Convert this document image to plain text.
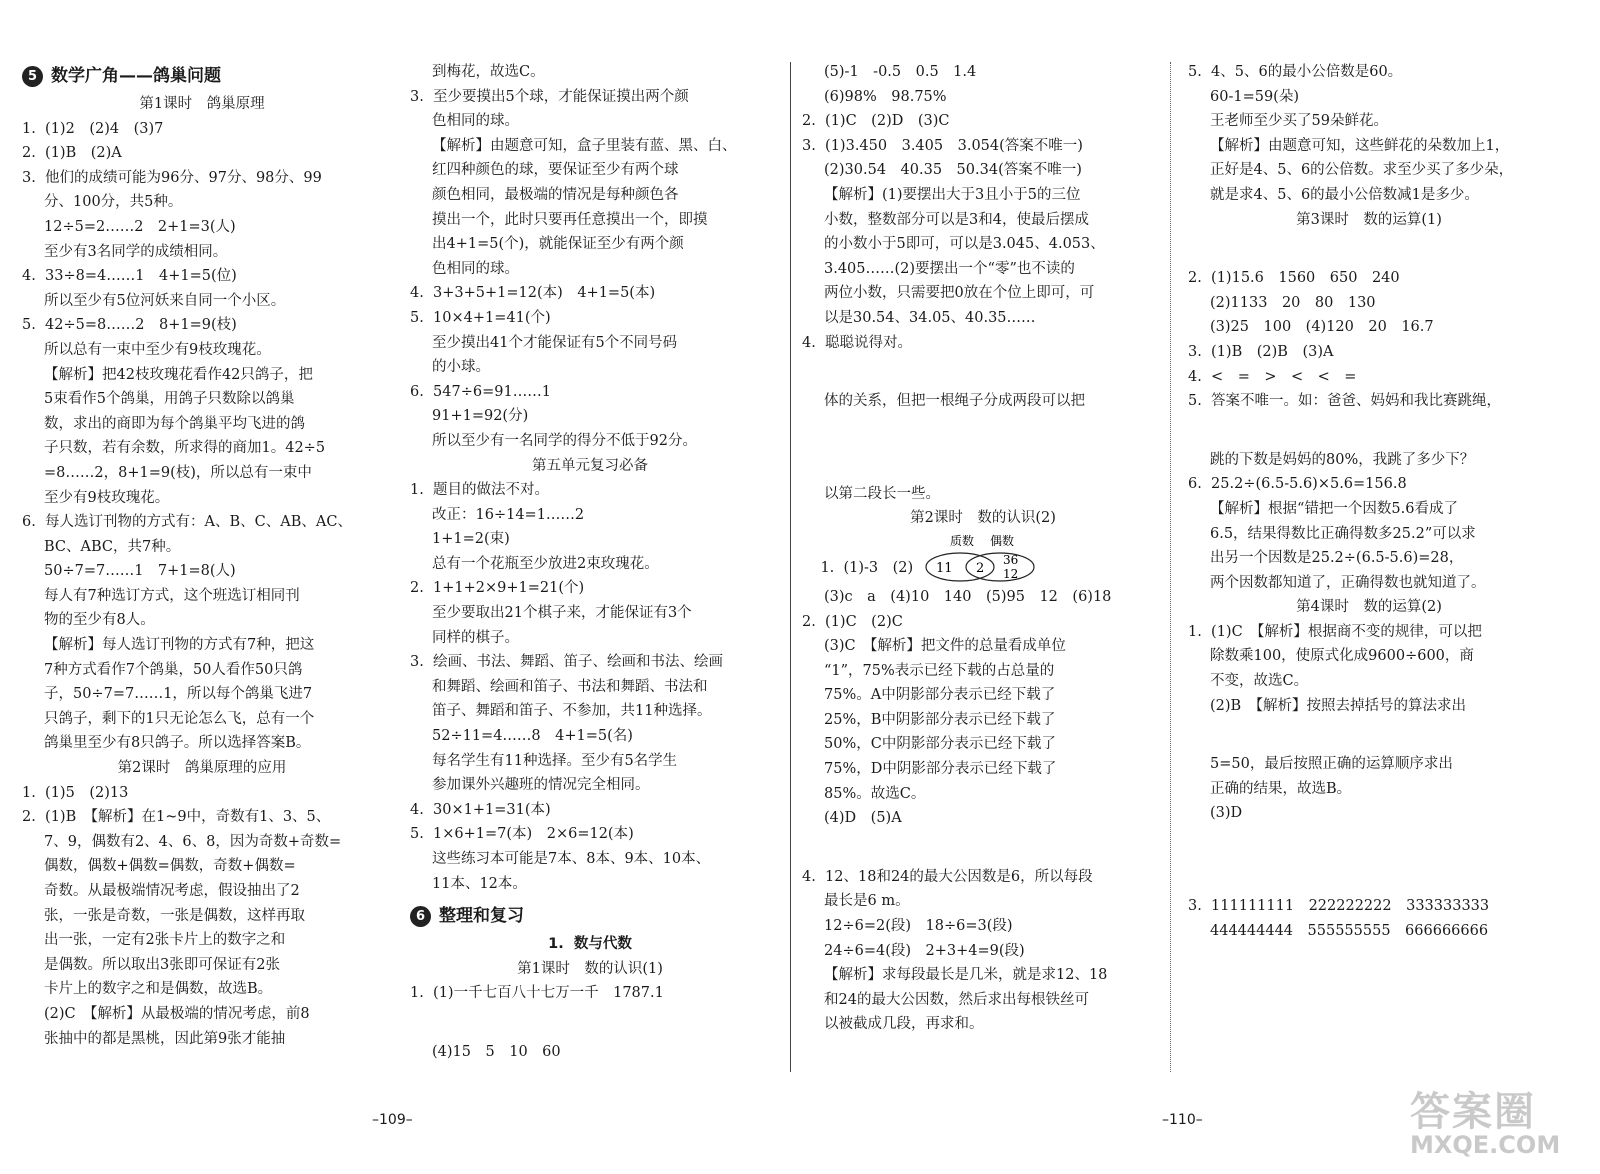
5 数学广角——鸽巢问题
第1课时　鸽巢原理
1.  (1)2　(2)4　(3)7
2.  (1)B　(2)A
3.  他们的成绩可能为96分、97分、98分、99
分、100分，共5种。
12÷5=2……2　2+1=3(人)
至少有3名同学的成绩相同。
4.  33÷8=4……1　4+1=5(位)
所以至少有5位河妖来自同一个小区。
5.  42÷5=8……2　8+1=9(枝)
所以总有一束中至少有9枝玫瑰花。
【解析】把42枝玫瑰花看作42只鸽子，把
5束看作5个鸽巢，用鸽子只数除以鸽巢
数，求出的商即为每个鸽巢平均飞进的鸽
子只数，若有余数，所求得的商加1。42÷5
=8……2，8+1=9(枝)，所以总有一束中
至少有9枝玫瑰花。
6.  每人选订刊物的方式有：A、B、C、AB、AC、
BC、ABC，共7种。
50÷7=7……1　7+1=8(人)
每人有7种选订方式，这个班选订相同刊
物的至少有8人。
【解析】每人选订刊物的方式有7种，把这
7种方式看作7个鸽巢，50人看作50只鸽
子，50÷7=7……1，所以每个鸽巢飞进7
只鸽子，剩下的1只无论怎么飞，总有一个
鸽巢里至少有8只鸽子。所以选择答案B。
第2课时　鸽巢原理的应用
1.  (1)5　(2)13
2.  (1)B　【解析】在1~9中，奇数有1、3、5、
7、9，偶数有2、4、6、8，因为奇数+奇数=
偶数，偶数+偶数=偶数，奇数+偶数=
奇数。从最极端情况考虑，假设抽出了2
张，一张是奇数，一张是偶数，这样再取
出一张，一定有2张卡片上的数字之和
是偶数。所以取出3张即可保证有2张
卡片上的数字之和是偶数，故选B。
(2)C　【解析】从最极端的情况考虑，前8
张抽中的都是黑桃，因此第9张才能抽
到梅花，故选C。
3.  至少要摸出5个球，才能保证摸出两个颜
色相同的球。
【解析】由题意可知，盒子里装有蓝、黑、白、
红四种颜色的球，要保证至少有两个球
颜色相同，最极端的情况是每种颜色各
摸出一个，此时只要再任意摸出一个，即摸
出4+1=5(个)，就能保证至少有两个颜
色相同的球。
4.  3+3+5+1=12(本)　4+1=5(本)
5.  10×4+1=41(个)
至少摸出41个才能保证有5个不同号码
的小球。
6.  547÷6=91……1
91+1=92(分)
所以至少有一名同学的得分不低于92分。
第五单元复习必备
1.  题目的做法不对。
改正：16÷14=1……2
1+1=2(束)
总有一个花瓶至少放进2束玫瑰花。
2.  1+1+2×9+1=21(个)
至少要取出21个棋子来，才能保证有3个
同样的棋子。
3.  绘画、书法、舞蹈、笛子、绘画和书法、绘画
和舞蹈、绘画和笛子、书法和舞蹈、书法和
笛子、舞蹈和笛子、不参加，共11种选择。
52÷11=4……8　4+1=5(名)
每名学生有11种选择。至少有5名学生
参加课外兴趣班的情况完全相同。
4.  30×1+1=31(本)
5.  1×6+1=7(本)　2×6=12(本)
这些练习本可能是7本、8本、9本、10本、
11本、12本。
6 整理和复习
1.  数与代数
第1课时　数的认识(1)
1.  (1)一千七百八十七万一千　1787.1

(4)15　5　10　60
(5)-1　-0.5　0.5　1.4
(6)98%　98.75%
2.  (1)C　(2)D　(3)C
3.  (1)3.450　3.405　3.054(答案不唯一)
(2)30.54　40.35　50.34(答案不唯一)
【解析】(1)要摆出大于3且小于5的三位
小数，整数部分可以是3和4，使最后摆成
的小数小于5即可，可以是3.045、4.053、
3.405……(2)要摆出一个“零”也不读的
两位小数，只需要把0放在个位上即可，可
以是30.54、34.05、40.35……
4.  聪聪说得对。

体的关系，但把一根绳子分成两段可以把

以第二段长一些。
第2课时　数的认识(2)

1.  (1)-3　(2)

质数 偶数
11 2
36
12

(3)c　a　(4)10　140　(5)95　12　(6)18
2.  (1)C　(2)C
(3)C　【解析】把文件的总量看成单位
“1”，75%表示已经下载的占总量的
75%。A中阴影部分表示已经下载了
25%，B中阴影部分表示已经下载了
50%，C中阴影部分表示已经下载了
75%，D中阴影部分表示已经下载了
85%。故选C。
(4)D　(5)A

4.  12、18和24的最大公因数是6，所以每段
最长是6 m。
12÷6=2(段)　18÷6=3(段)
24÷6=4(段)　2+3+4=9(段)
【解析】求每段最长是几米，就是求12、18
和24的最大公因数，然后求出每根铁丝可
以被截成几段，再求和。
5.  4、5、6的最小公倍数是60。
60-1=59(朵)
王老师至少买了59朵鲜花。
【解析】由题意可知，这些鲜花的朵数加上1，
正好是4、5、6的公倍数。求至少买了多少朵，
就是求4、5、6的最小公倍数减1是多少。
第3课时　数的运算(1)

2.  (1)15.6　1560　650　240
(2)1133　20　80　130
(3)25　100　(4)120　20　16.7
3.  (1)B　(2)B　(3)A
4.  <　=　>　<　<　=
5.  答案不唯一。如：爸爸、妈妈和我比赛跳绳，

跳的下数是妈妈的80%，我跳了多少下？
6.  25.2÷(6.5-5.6)×5.6=156.8
【解析】根据“错把一个因数5.6看成了
6.5，结果得数比正确得数多25.2”可以求
出另一个因数是25.2÷(6.5-5.6)=28，
两个因数都知道了，正确得数也就知道了。
第4课时　数的运算(2)
1.  (1)C　【解析】根据商不变的规律，可以把
除数乘100，使原式化成9600÷600，商
不变，故选C。
(2)B　【解析】按照去掉括号的算法求出

5=50，最后按照正确的运算顺序求出
正确的结果，故选B。
(3)D

3.  111111111　222222222　333333333
444444444　555555555　666666666

–109–	–110–	答案圈
MXQE.COM
